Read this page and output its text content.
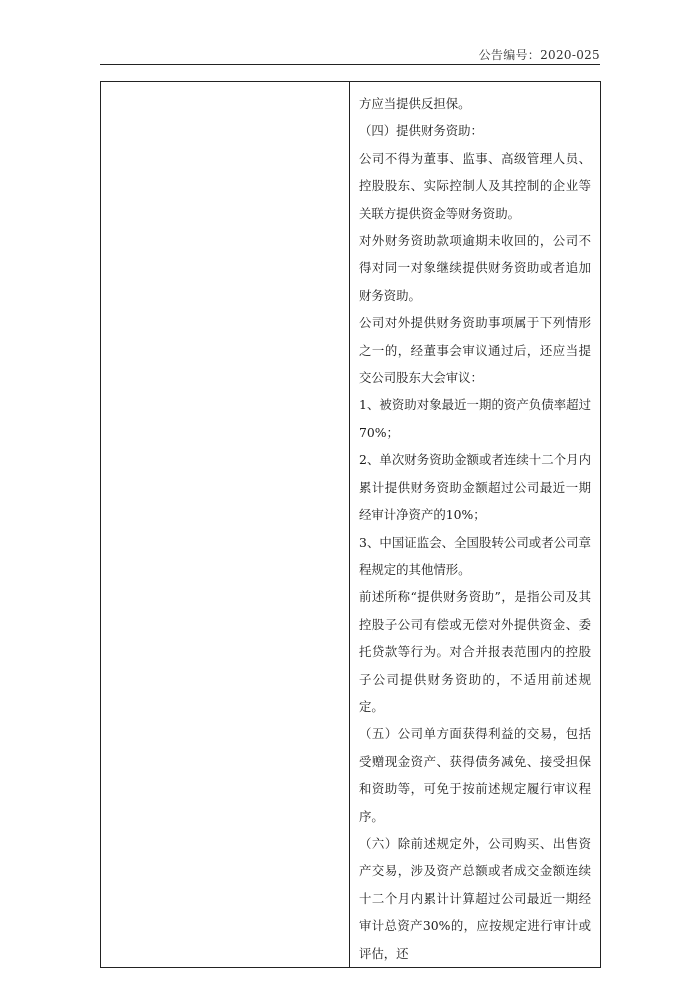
公告编号：2020-025

方应当提供反担保。

（四）提供财务资助：

公司不得为董事、监事、高级管理人员、控股股东、实际控制人及其控制的企业等关联方提供资金等财务资助。

对外财务资助款项逾期未收回的，公司不得对同一对象继续提供财务资助或者追加财务资助。

公司对外提供财务资助事项属于下列情形之一的，经董事会审议通过后，还应当提交公司股东大会审议：

1、被资助对象最近一期的资产负债率超过70%；

2、单次财务资助金额或者连续十二个月内累计提供财务资助金额超过公司最近一期经审计净资产的10%；

3、中国证监会、全国股转公司或者公司章程规定的其他情形。

前述所称“提供财务资助”，是指公司及其控股子公司有偿或无偿对外提供资金、委托贷款等行为。对合并报表范围内的控股子公司提供财务资助的，不适用前述规定。

（五）公司单方面获得利益的交易，包括受赠现金资产、获得债务减免、接受担保和资助等，可免于按前述规定履行审议程序。

（六）除前述规定外，公司购买、出售资产交易，涉及资产总额或者成交金额连续十二个月内累计计算超过公司最近一期经审计总资产30%的，应按规定进行审计或评估，还
